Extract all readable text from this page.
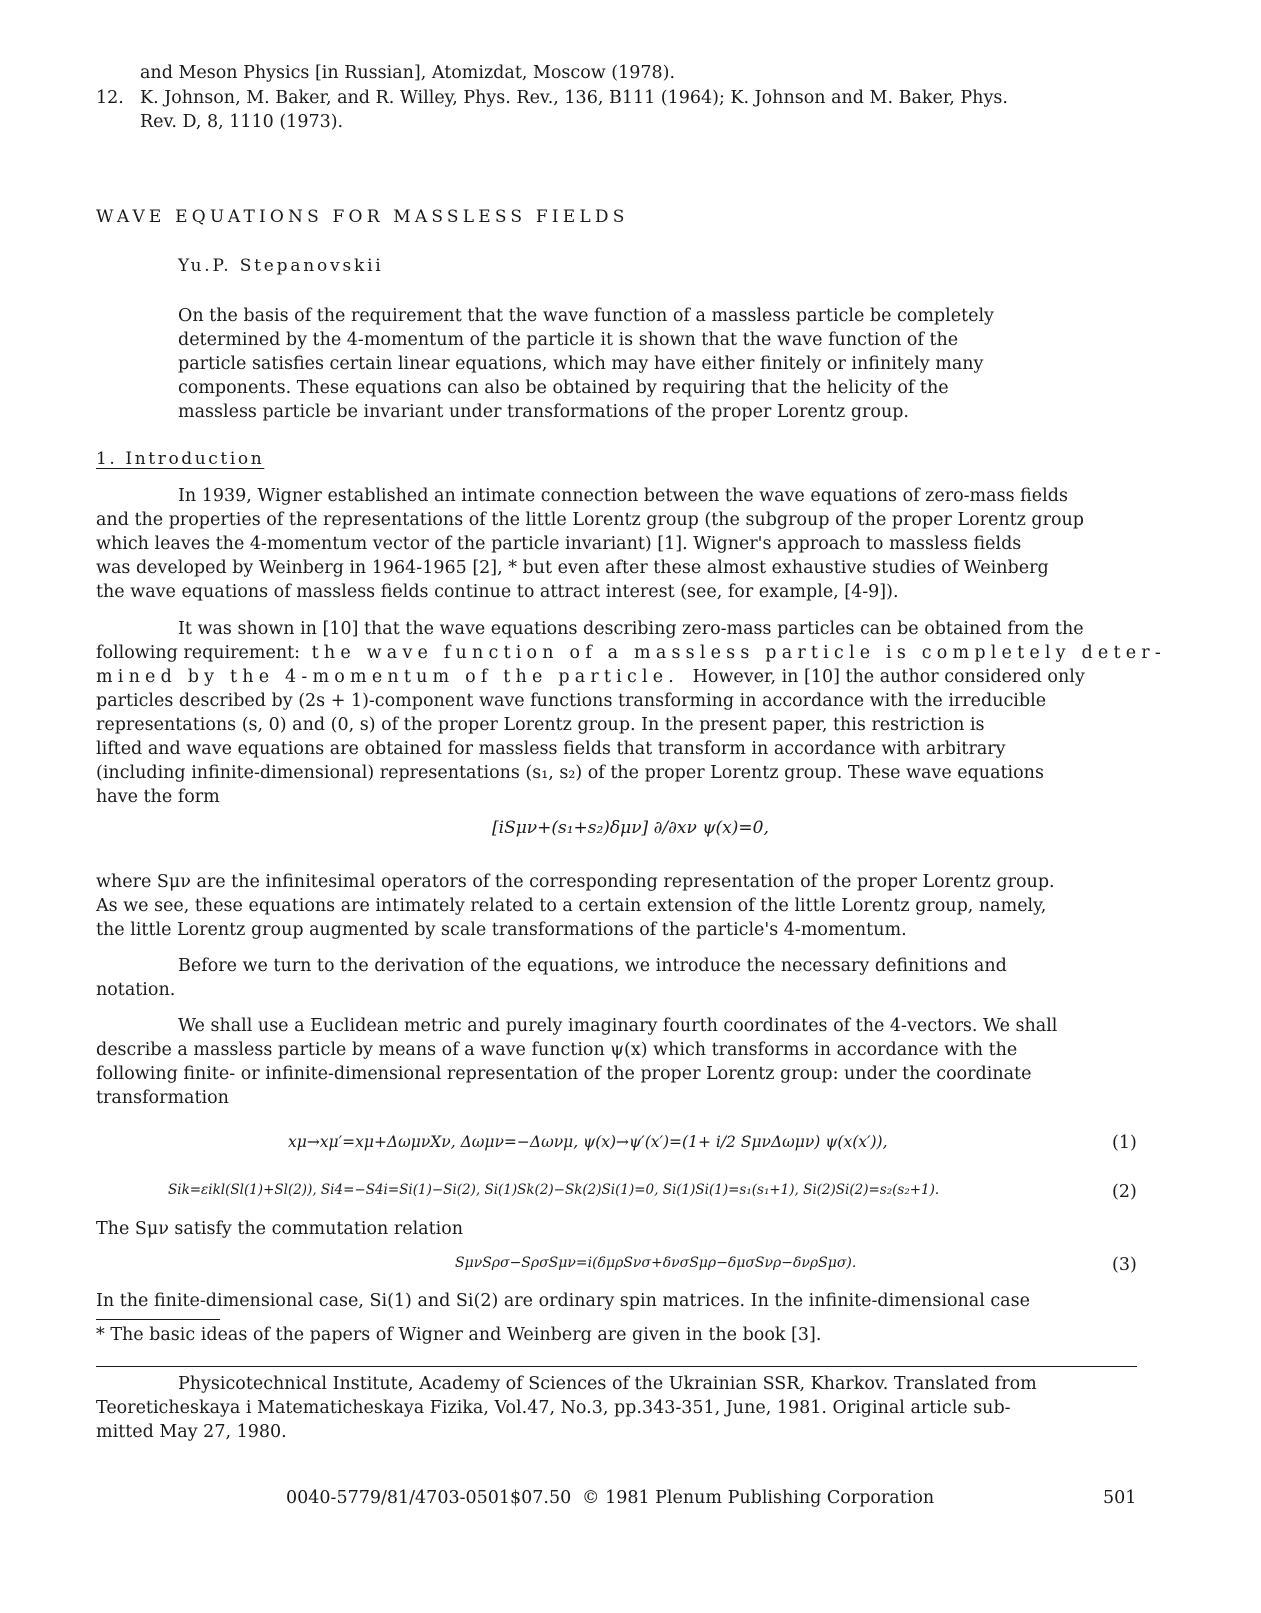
and Meson Physics [in Russian], Atomizdat, Moscow (1978).
12. K. Johnson, M. Baker, and R. Willey, Phys. Rev., 136, B111 (1964); K. Johnson and M. Baker, Phys.
Rev. D, 8, 1110 (1973).
WAVE EQUATIONS FOR MASSLESS FIELDS
Yu.P. Stepanovskii
On the basis of the requirement that the wave function of a massless particle be completely
determined by the 4-momentum of the particle it is shown that the wave function of the
particle satisfies certain linear equations, which may have either finitely or infinitely many
components. These equations can also be obtained by requiring that the helicity of the
massless particle be invariant under transformations of the proper Lorentz group.
1. Introduction
In 1939, Wigner established an intimate connection between the wave equations of zero-mass fields
and the properties of the representations of the little Lorentz group (the subgroup of the proper Lorentz group
which leaves the 4-momentum vector of the particle invariant) [1]. Wigner's approach to massless fields
was developed by Weinberg in 1964-1965 [2], * but even after these almost exhaustive studies of Weinberg
the wave equations of massless fields continue to attract interest (see, for example, [4-9]).
It was shown in [10] that the wave equations describing zero-mass particles can be obtained from the
following requirement: the wave function of a massless particle is completely deter-
mined by the 4-momentum of the particle. However, in [10] the author considered only
particles described by (2s + 1)-component wave functions transforming in accordance with the irreducible
representations (s, 0) and (0, s) of the proper Lorentz group. In the present paper, this restriction is
lifted and wave equations are obtained for massless fields that transform in accordance with arbitrary
(including infinite-dimensional) representations (s₁, s₂) of the proper Lorentz group. These wave equations
have the form
[iSμν+(s₁+s₂)δμν] ∂/∂xν ψ(x)=0,
where Sμν are the infinitesimal operators of the corresponding representation of the proper Lorentz group.
As we see, these equations are intimately related to a certain extension of the little Lorentz group, namely,
the little Lorentz group augmented by scale transformations of the particle's 4-momentum.
Before we turn to the derivation of the equations, we introduce the necessary definitions and
notation.
We shall use a Euclidean metric and purely imaginary fourth coordinates of the 4-vectors. We shall
describe a massless particle by means of a wave function ψ(x) which transforms in accordance with the
following finite- or infinite-dimensional representation of the proper Lorentz group: under the coordinate
transformation
xμ→xμ′=xμ+ΔωμνXν, Δωμν=−Δωνμ, ψ(x)→ψ′(x′)=(1+ i/2 SμνΔωμν) ψ(x(x′)),	(1)
Sik=εikl(Sl(1)+Sl(2)), Si4=−S4i=Si(1)−Si(2), Si(1)Sk(2)−Sk(2)Si(1)=0, Si(1)Si(1)=s₁(s₁+1), Si(2)Si(2)=s₂(s₂+1).	(2)
The Sμν satisfy the commutation relation
SμνSρσ−SρσSμν=i(δμρSνσ+δνσSμρ−δμσSνρ−δνρSμσ).	(3)
In the finite-dimensional case, Si(1) and Si(2) are ordinary spin matrices. In the infinite-dimensional case
* The basic ideas of the papers of Wigner and Weinberg are given in the book [3].
Physicotechnical Institute, Academy of Sciences of the Ukrainian SSR, Kharkov. Translated from
Teoreticheskaya i Matematicheskaya Fizika, Vol.47, No.3, pp.343-351, June, 1981. Original article sub-
mitted May 27, 1980.
0040-5779/81/4703-0501$07.50 © 1981 Plenum Publishing Corporation	501
